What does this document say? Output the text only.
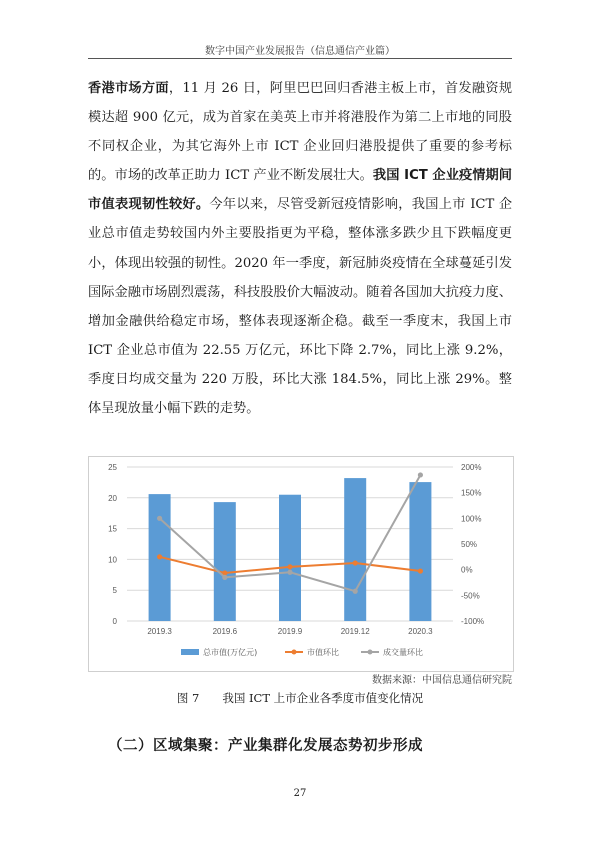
数字中国产业发展报告（信息通信产业篇）

香港市场方面，11 月 26 日，阿里巴巴回归香港主板上市，首发融资规模达超 900 亿元，成为首家在美英上市并将港股作为第二上市地的同股不同权企业，为其它海外上市 ICT 企业回归港股提供了重要的参考标的。市场的改革正助力 ICT 产业不断发展壮大。我国 ICT 企业疫情期间市值表现韧性较好。今年以来，尽管受新冠疫情影响，我国上市 ICT 企业总市值走势较国内外主要股指更为平稳，整体涨多跌少且下跌幅度更小，体现出较强的韧性。2020 年一季度，新冠肺炎疫情在全球蔓延引发国际金融市场剧烈震荡，科技股股价大幅波动。随着各国加大抗疫力度、增加金融供给稳定市场，整体表现逐渐企稳。截至一季度末，我国上市 ICT 企业总市值为 22.55 万亿元，环比下降 2.7%，同比上涨 9.2%，季度日均成交量为 220 万股，环比大涨 184.5%，同比上涨 29%。整体呈现放量小幅下跌的走势。

0
5
10
15
20
25
-100%
-50%
0%
50%
100%
150%
200%
2019.3	2019.6	2019.9	2019.12	2020.3
总市值(万亿元)	市值环比	成交量环比
数据来源：中国信息通信研究院
图 7　　我国 ICT 上市企业各季度市值变化情况
（二）区域集聚：产业集群化发展态势初步形成
27
